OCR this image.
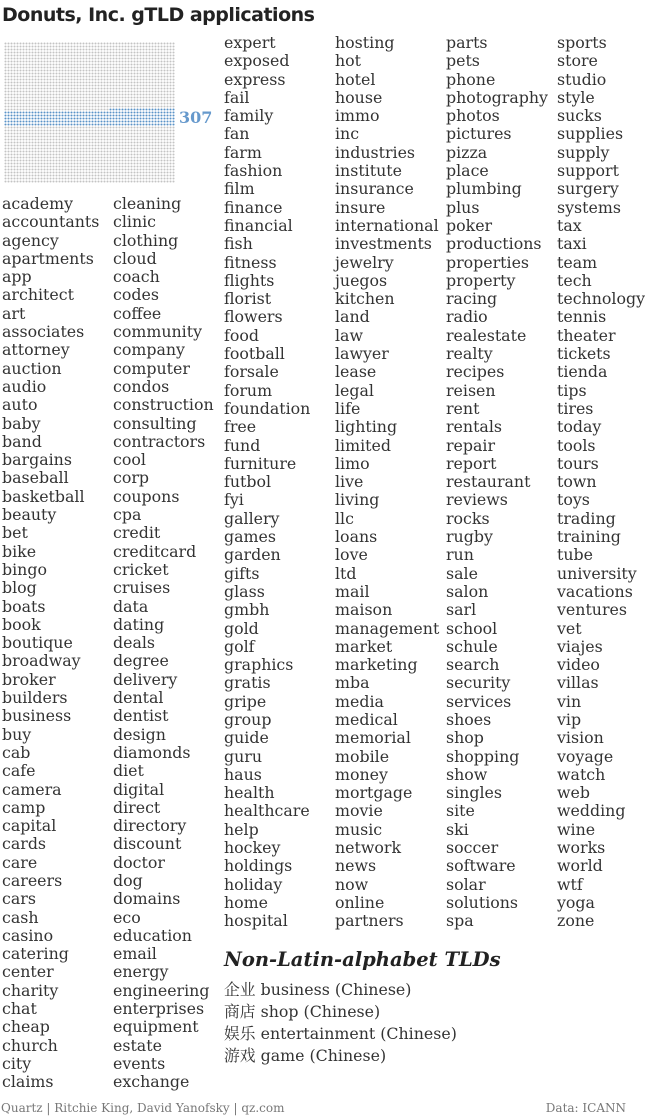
Donuts, Inc. gTLD applications
307
academy
accountants
agency
apartments
app
architect
art
associates
attorney
auction
audio
auto
baby
band
bargains
baseball
basketball
beauty
bet
bike
bingo
blog
boats
book
boutique
broadway
broker
builders
business
buy
cab
cafe
camera
camp
capital
cards
care
careers
cars
cash
casino
catering
center
charity
chat
cheap
church
city
claims
cleaning
clinic
clothing
cloud
coach
codes
coffee
community
company
computer
condos
construction
consulting
contractors
cool
corp
coupons
cpa
credit
creditcard
cricket
cruises
data
dating
deals
degree
delivery
dental
dentist
design
diamonds
diet
digital
direct
directory
discount
doctor
dog
domains
eco
education
email
energy
engineering
enterprises
equipment
estate
events
exchange
expert
exposed
express
fail
family
fan
farm
fashion
film
finance
financial
fish
fitness
flights
florist
flowers
food
football
forsale
forum
foundation
free
fund
furniture
futbol
fyi
gallery
games
garden
gifts
glass
gmbh
gold
golf
graphics
gratis
gripe
group
guide
guru
haus
health
healthcare
help
hockey
holdings
holiday
home
hospital
hosting
hot
hotel
house
immo
inc
industries
institute
insurance
insure
international
investments
jewelry
juegos
kitchen
land
law
lawyer
lease
legal
life
lighting
limited
limo
live
living
llc
loans
love
ltd
mail
maison
management
market
marketing
mba
media
medical
memorial
mobile
money
mortgage
movie
music
network
news
now
online
partners
parts
pets
phone
photography
photos
pictures
pizza
place
plumbing
plus
poker
productions
properties
property
racing
radio
realestate
realty
recipes
reisen
rent
rentals
repair
report
restaurant
reviews
rocks
rugby
run
sale
salon
sarl
school
schule
search
security
services
shoes
shop
shopping
show
singles
site
ski
soccer
software
solar
solutions
spa
sports
store
studio
style
sucks
supplies
supply
support
surgery
systems
tax
taxi
team
tech
technology
tennis
theater
tickets
tienda
tips
tires
today
tools
tours
town
toys
trading
training
tube
university
vacations
ventures
vet
viajes
video
villas
vin
vip
vision
voyage
watch
web
wedding
wine
works
world
wtf
yoga
zone
Non-Latin-alphabet TLDs
企业 business (Chinese)
商店 shop (Chinese)
娱乐 entertainment (Chinese)
游戏 game (Chinese)
Quartz | Ritchie King, David Yanofsky | qz.com	Data: ICANN
